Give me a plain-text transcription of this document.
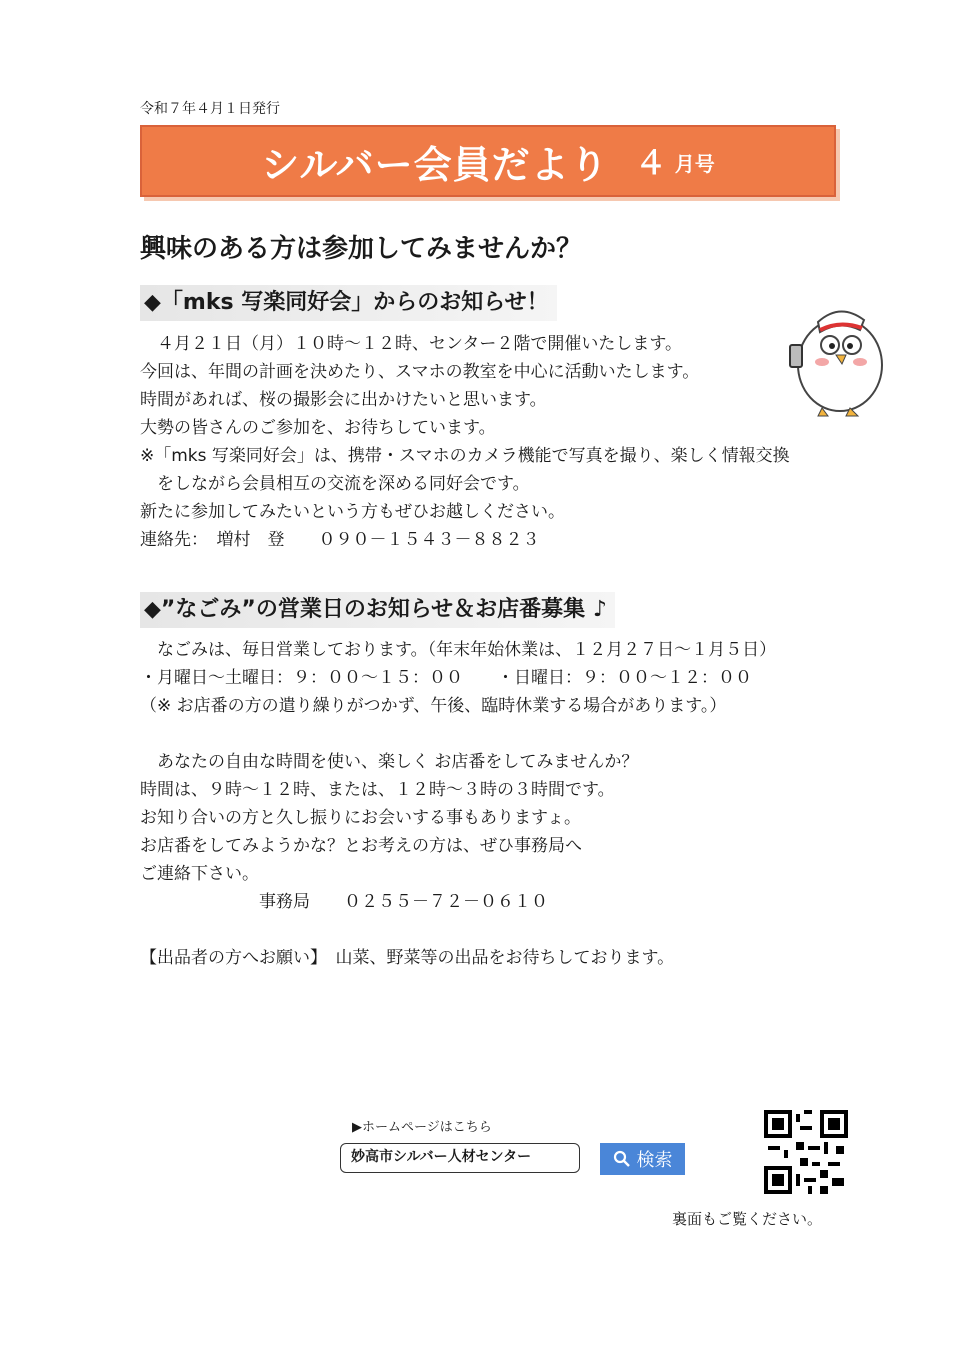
令和７年４月１日発行
シルバー会員だより ４ 月号
興味のある方は参加してみませんか？
◆「mks 写楽同好会」からのお知らせ！
　４月２１日（月）１０時～１２時、センター２階で開催いたします。
今回は、年間の計画を決めたり、スマホの教室を中心に活動いたします。
時間があれば、桜の撮影会に出かけたいと思います。
大勢の皆さんのご参加を、お待ちしています。
※「mks 写楽同好会」は、携帯・スマホのカメラ機能で写真を撮り、楽しく情報交換
　をしながら会員相互の交流を深める同好会です。
新たに参加してみたいという方もぜひお越しください。
連絡先：　増村　登　　０９０－１５４３－８８２３
◆”なごみ”の営業日のお知らせ＆お店番募集 ♪
　なごみは、毎日営業しております。（年末年始休業は、１２月２７日～１月５日）
・月曜日～土曜日：９：００～１５：００　　・日曜日：９：００～１２：００
（※ お店番の方の遣り繰りがつかず、午後、臨時休業する場合があります。）
　あなたの自由な時間を使い、楽しく お店番をしてみませんか？
時間は、９時～１２時、または、１２時～３時の３時間です。
お知り合いの方と久し振りにお会いする事もありますょ。
お店番をしてみようかな？とお考えの方は、ぜひ事務局へ
ご連絡下さい。
　　　　　　　事務局　　０２５５－７２－０６１０
【出品者の方へお願い】　山菜、野菜等の出品をお待ちしております。
▶ホームページはこちら
妙高市シルバー人材センター	検索
裏面もご覧ください。
